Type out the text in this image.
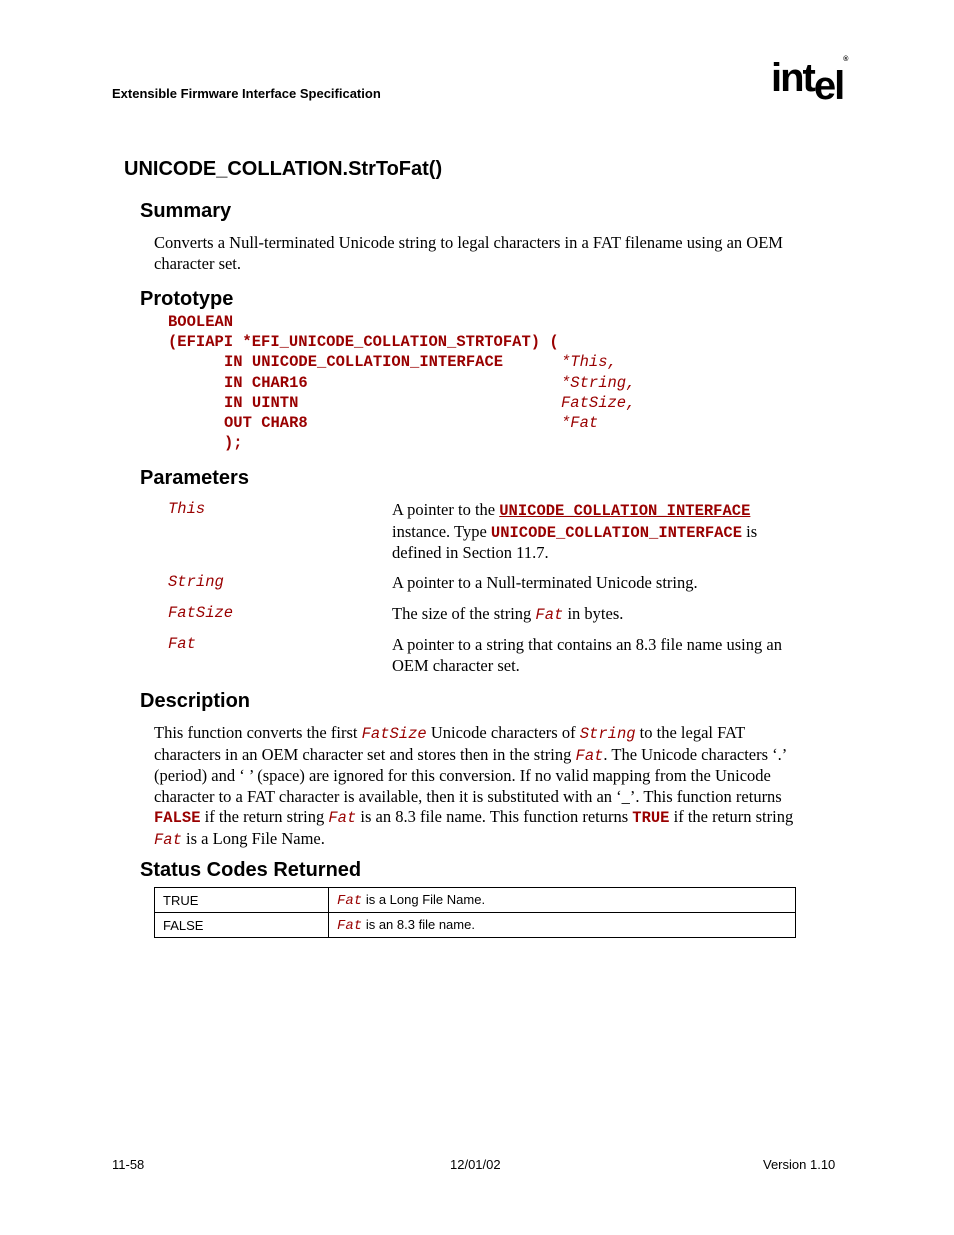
Extensible Firmware Interface Specification	intel®
UNICODE_COLLATION.StrToFat()
Summary
Converts a Null-terminated Unicode string to legal characters in a FAT filename using an OEM
character set.
Prototype
BOOLEAN
(EFIAPI *EFI_UNICODE_COLLATION_STRTOFAT) (
IN UNICODE_COLLATION_INTERFACE	*This,
IN CHAR16	*String,
IN UINTN	FatSize,
OUT CHAR8	*Fat
);
Parameters
This	A pointer to the UNICODE_COLLATION_INTERFACE
instance. Type UNICODE_COLLATION_INTERFACE is
defined in Section 11.7.
String	A pointer to a Null-terminated Unicode string.
FatSize	The size of the string Fat in bytes.
Fat	A pointer to a string that contains an 8.3 file name using an
OEM character set.
Description
This function converts the first FatSize Unicode characters of String to the legal FAT
characters in an OEM character set and stores then in the string Fat. The Unicode characters ‘.’
(period) and ‘ ’ (space) are ignored for this conversion. If no valid mapping from the Unicode
character to a FAT character is available, then it is substituted with an ‘_’. This function returns
FALSE if the return string Fat is an 8.3 file name. This function returns TRUE if the return string
Fat is a Long File Name.
Status Codes Returned
TRUE	Fat is a Long File Name.
FALSE	Fat is an 8.3 file name.
11-58	12/01/02	Version 1.10
